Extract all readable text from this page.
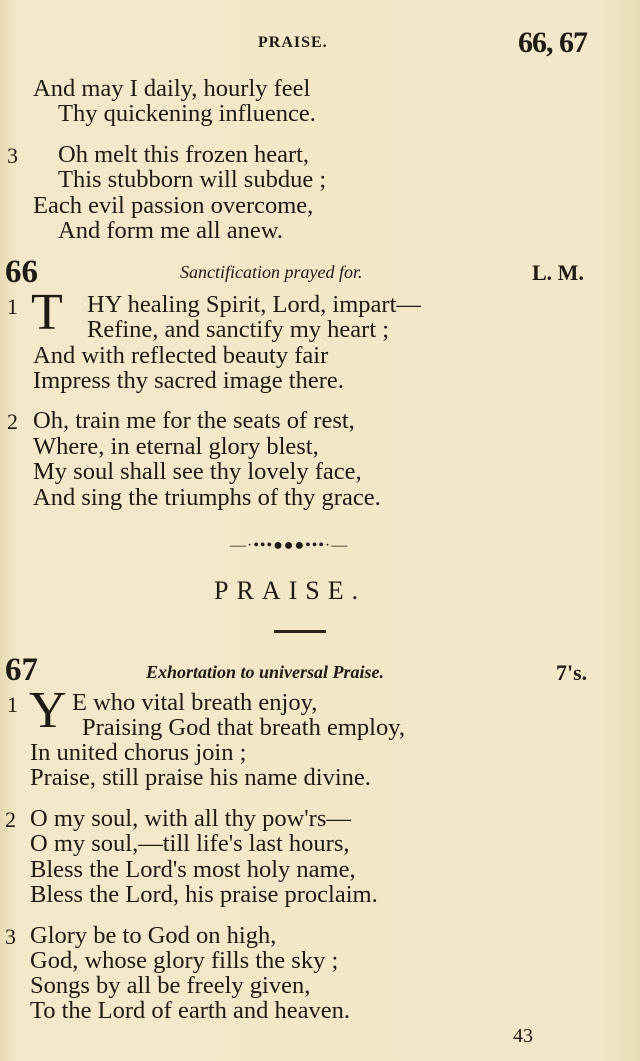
PRAISE.	66, 67
And may I daily, hourly feel
Thy quickening influence.
3 Oh melt this frozen heart,
This stubborn will subdue ;
Each evil passion overcome,
And form me all anew.
66	Sanctification prayed for.	L. M.
1 T HY healing Spirit, Lord, impart—
Refine, and sanctify my heart ;
And with reflected beauty fair
Impress thy sacred image there.
2 Oh, train me for the seats of rest,
Where, in eternal glory blest,
My soul shall see thy lovely face,
And sing the triumphs of thy grace.
—·•••●●●•••·—
PRAISE.
67	Exhortation to universal Praise.	7's.
1 Y E who vital breath enjoy,
Praising God that breath employ,
In united chorus join ;
Praise, still praise his name divine.
2 O my soul, with all thy pow'rs—
O my soul,—till life's last hours,
Bless the Lord's most holy name,
Bless the Lord, his praise proclaim.
3 Glory be to God on high,
God, whose glory fills the sky ;
Songs by all be freely given,
To the Lord of earth and heaven.
43
